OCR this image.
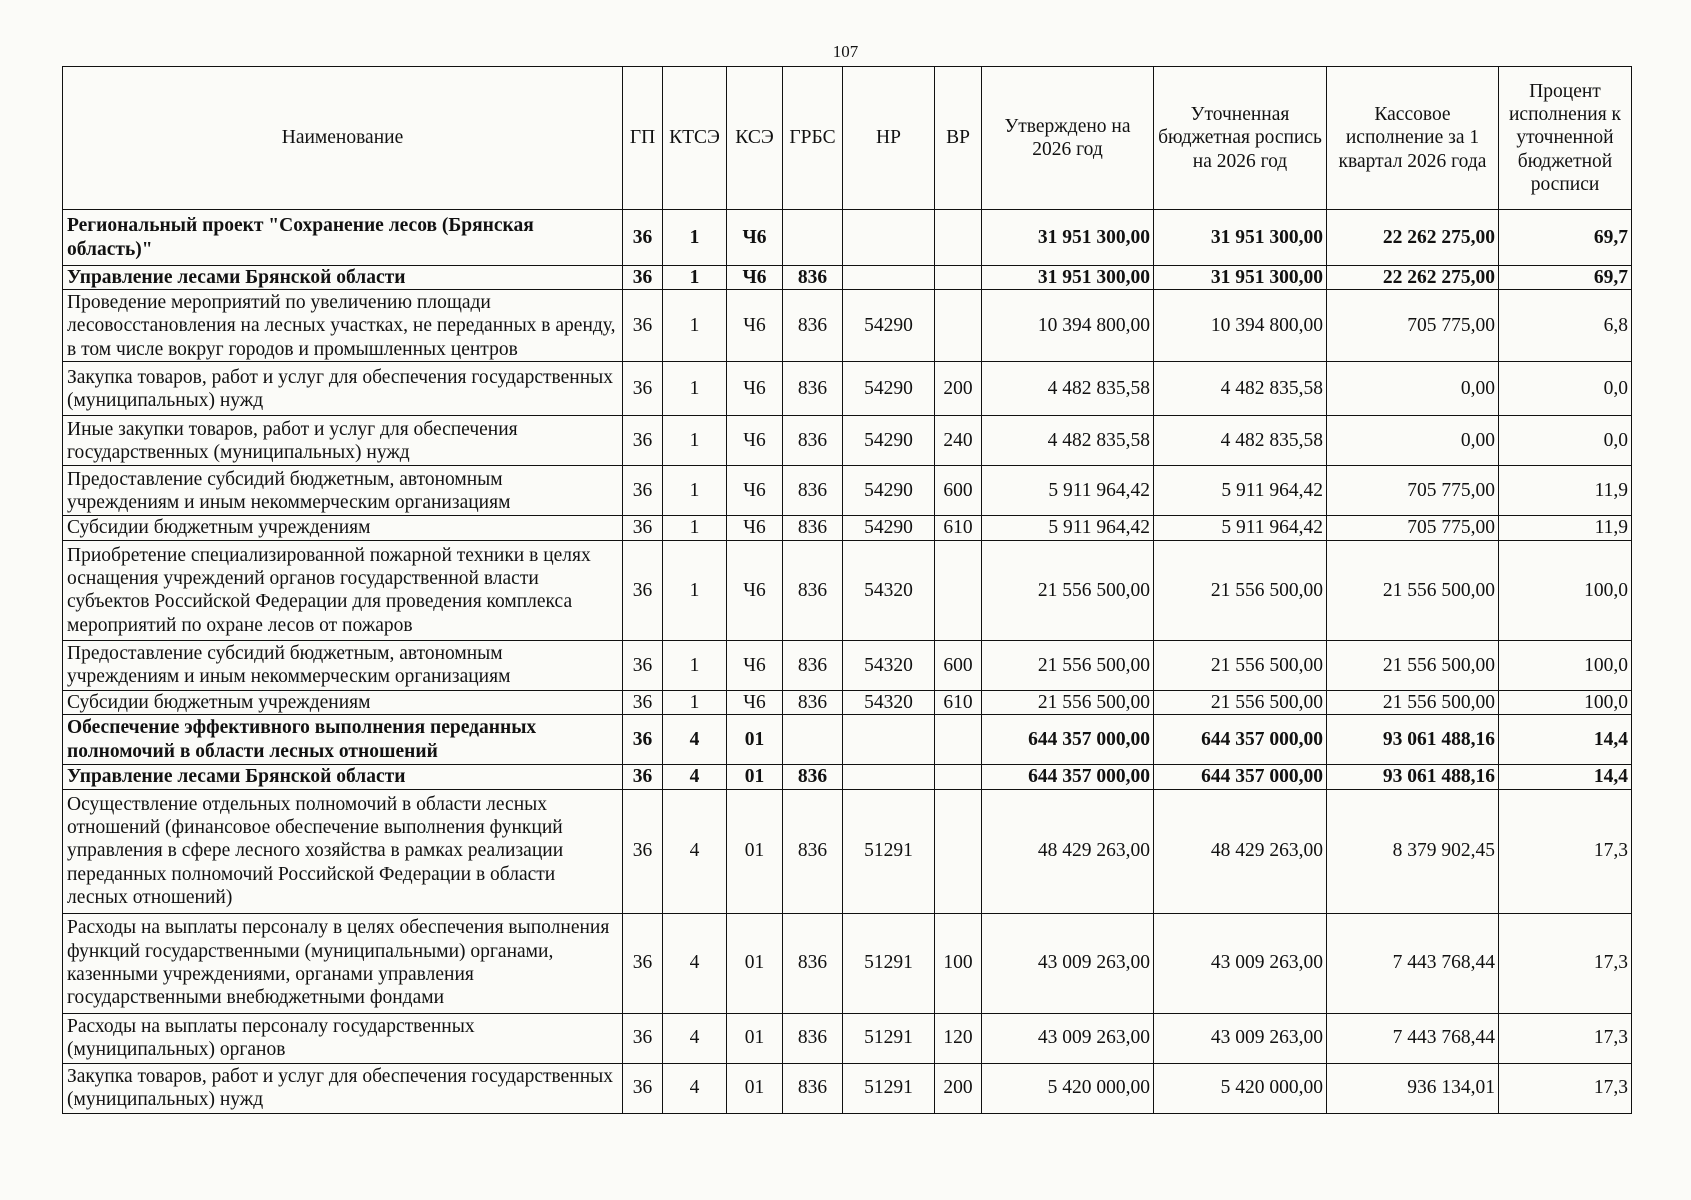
107
Наименование	ГП	КТСЭ	КСЭ	ГРБС	НР	ВР	Утверждено на 2026 год	Уточненная бюджетная роспись на 2026 год	Кассовое исполнение за 1 квартал 2026 года	Процент исполнения к уточненной бюджетной росписи
Региональный проект "Сохранение лесов (Брянская область)"	36	1	Ч6				31 951 300,00	31 951 300,00	22 262 275,00	69,7
Управление лесами Брянской области	36	1	Ч6	836			31 951 300,00	31 951 300,00	22 262 275,00	69,7
Проведение мероприятий по увеличению площади лесовосстановления на лесных участках, не переданных в аренду, в том числе вокруг городов и промышленных центров	36	1	Ч6	836	54290		10 394 800,00	10 394 800,00	705 775,00	6,8
Закупка товаров, работ и услуг для обеспечения государственных (муниципальных) нужд	36	1	Ч6	836	54290	200	4 482 835,58	4 482 835,58	0,00	0,0
Иные закупки товаров, работ и услуг для обеспечения государственных (муниципальных) нужд	36	1	Ч6	836	54290	240	4 482 835,58	4 482 835,58	0,00	0,0
Предоставление субсидий бюджетным, автономным учреждениям и иным некоммерческим организациям	36	1	Ч6	836	54290	600	5 911 964,42	5 911 964,42	705 775,00	11,9
Субсидии бюджетным учреждениям	36	1	Ч6	836	54290	610	5 911 964,42	5 911 964,42	705 775,00	11,9
Приобретение специализированной пожарной техники в целях оснащения учреждений органов государственной власти субъектов Российской Федерации для проведения комплекса мероприятий по охране лесов от пожаров	36	1	Ч6	836	54320		21 556 500,00	21 556 500,00	21 556 500,00	100,0
Предоставление субсидий бюджетным, автономным учреждениям и иным некоммерческим организациям	36	1	Ч6	836	54320	600	21 556 500,00	21 556 500,00	21 556 500,00	100,0
Субсидии бюджетным учреждениям	36	1	Ч6	836	54320	610	21 556 500,00	21 556 500,00	21 556 500,00	100,0
Обеспечение эффективного выполнения переданных полномочий в области лесных отношений	36	4	01				644 357 000,00	644 357 000,00	93 061 488,16	14,4
Управление лесами Брянской области	36	4	01	836			644 357 000,00	644 357 000,00	93 061 488,16	14,4
Осуществление отдельных полномочий в области лесных отношений (финансовое обеспечение выполнения функций управления в сфере лесного хозяйства в рамках реализации переданных полномочий Российской Федерации в области лесных отношений)	36	4	01	836	51291		48 429 263,00	48 429 263,00	8 379 902,45	17,3
Расходы на выплаты персоналу в целях обеспечения выполнения функций государственными (муниципальными) органами, казенными учреждениями, органами управления государственными внебюджетными фондами	36	4	01	836	51291	100	43 009 263,00	43 009 263,00	7 443 768,44	17,3
Расходы на выплаты персоналу государственных (муниципальных) органов	36	4	01	836	51291	120	43 009 263,00	43 009 263,00	7 443 768,44	17,3
Закупка товаров, работ и услуг для обеспечения государственных (муниципальных) нужд	36	4	01	836	51291	200	5 420 000,00	5 420 000,00	936 134,01	17,3
